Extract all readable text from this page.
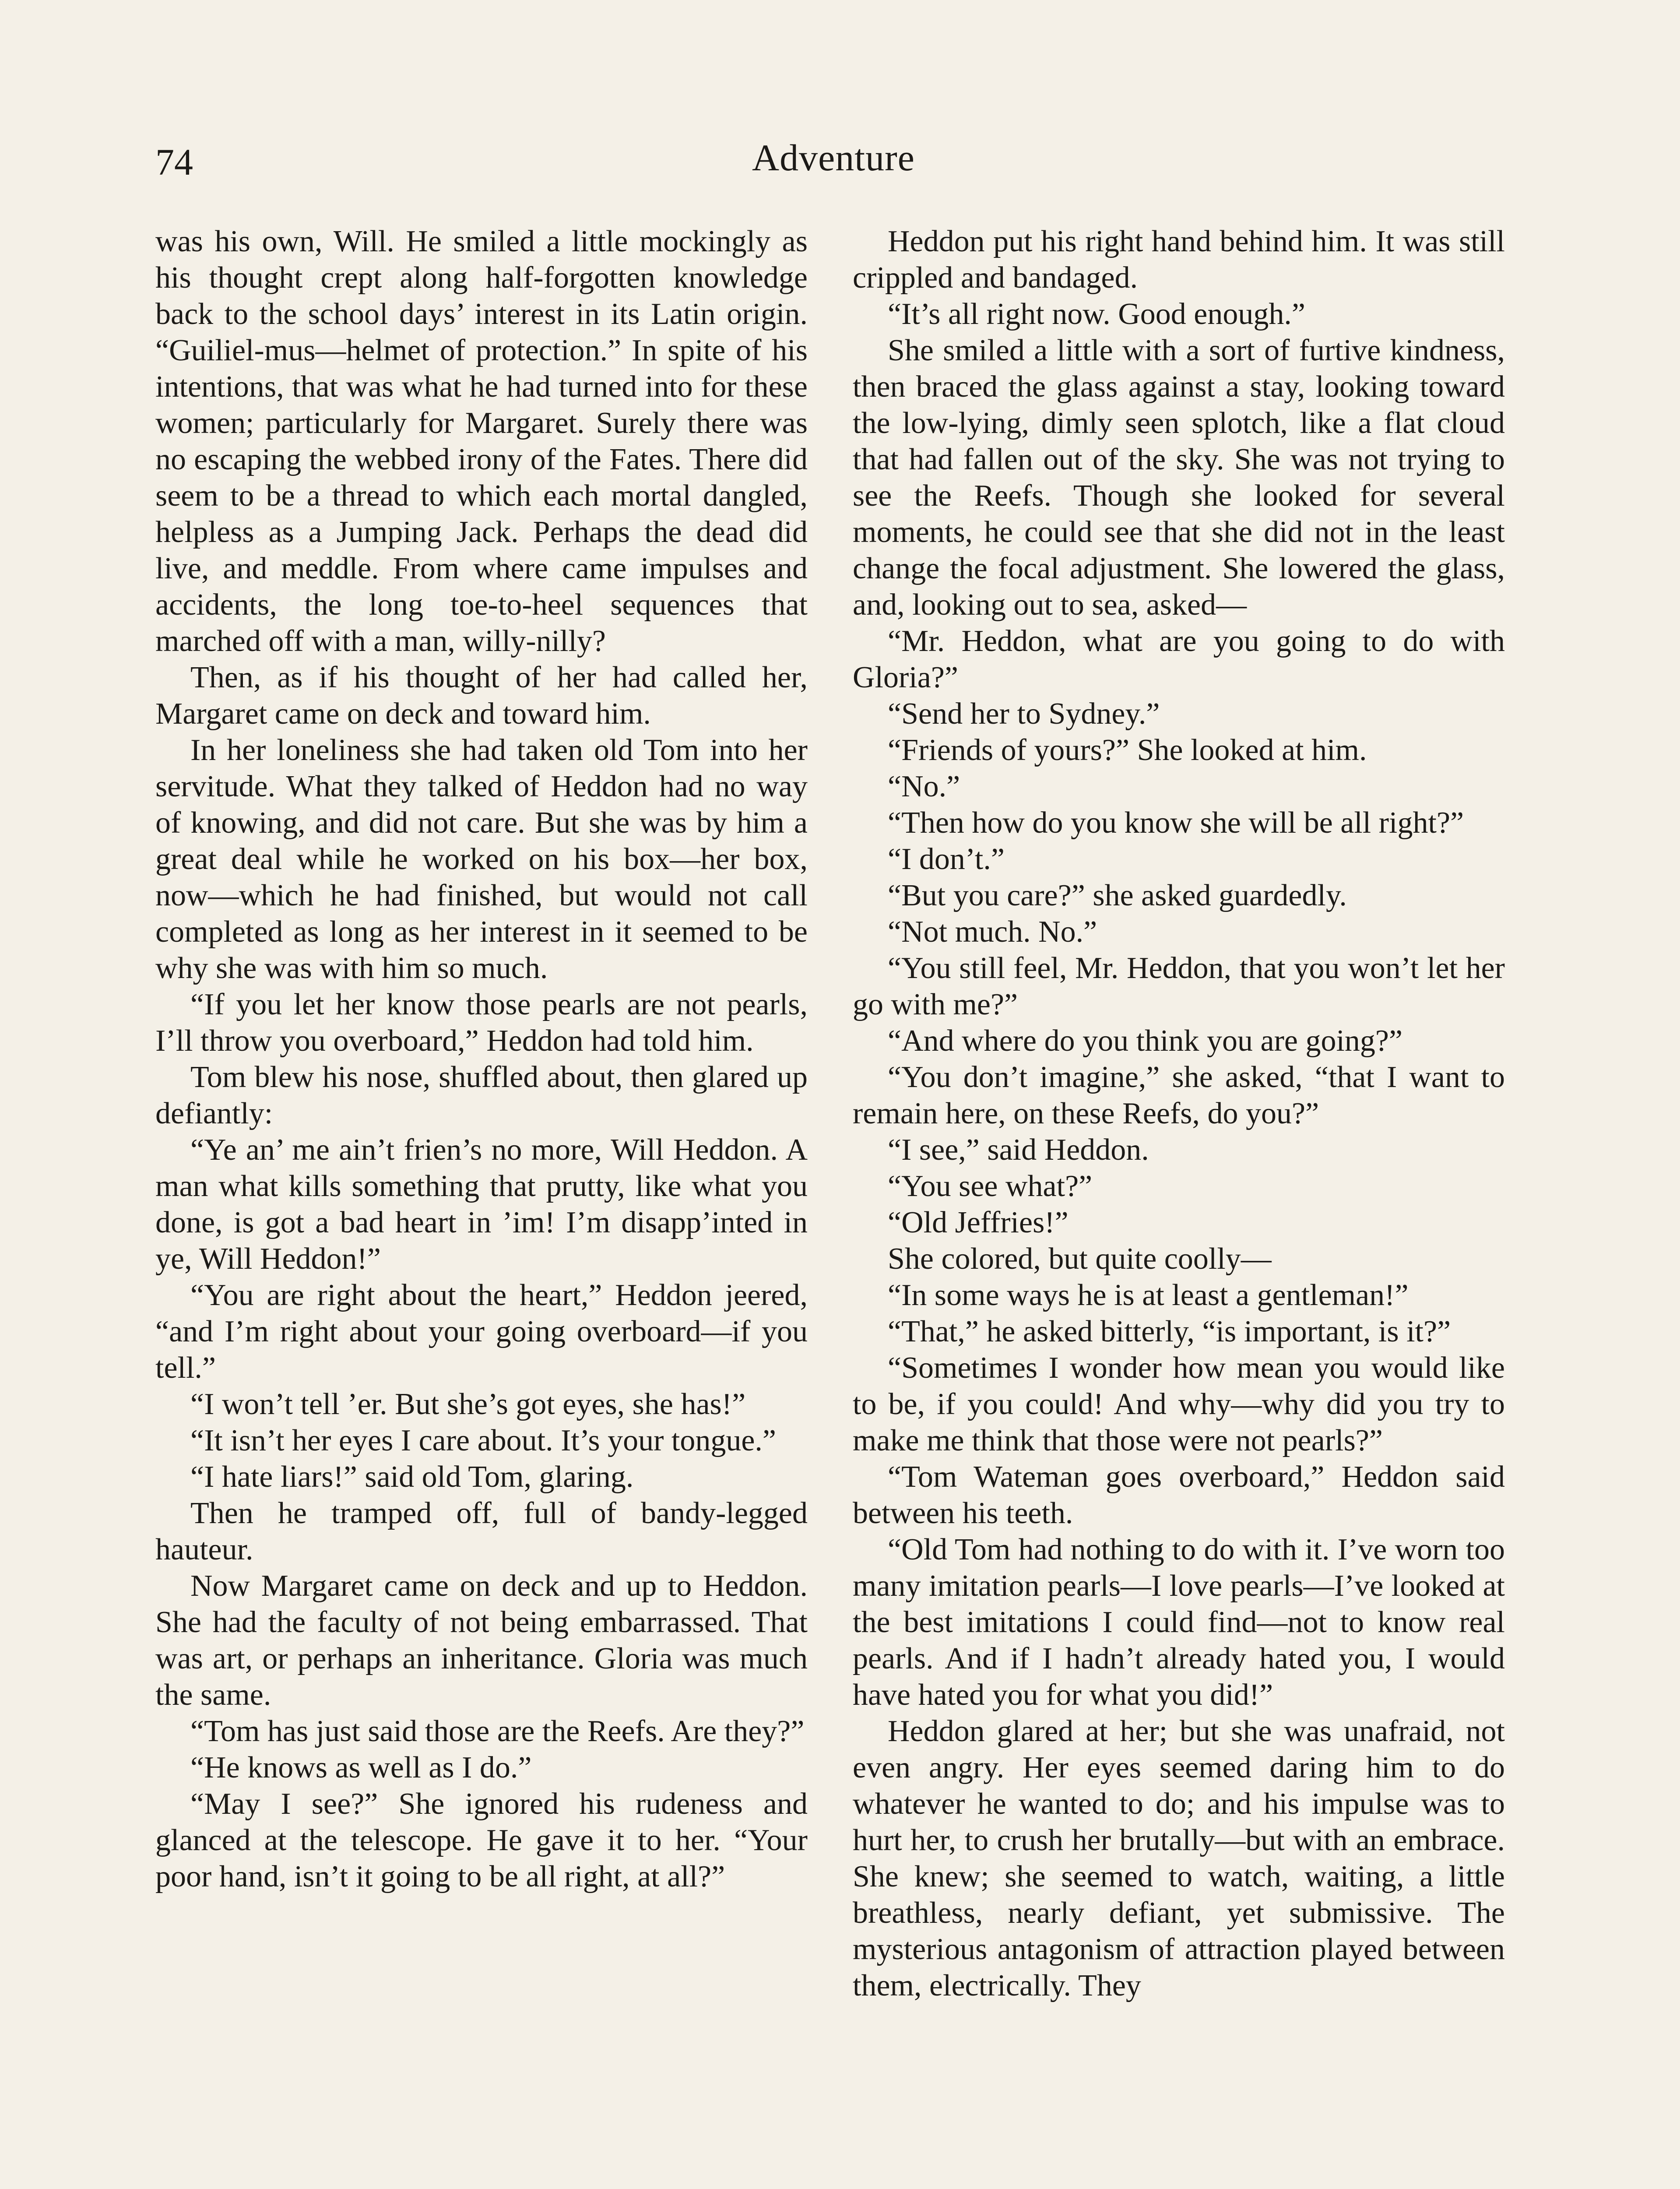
74	Adventure

was his own, Will. He smiled a little mockingly as his thought crept along half-forgotten knowledge back to the school days’ interest in its Latin origin. “Guiliel-mus—helmet of protection.” In spite of his intentions, that was what he had turned into for these women; particularly for Margaret. Surely there was no escaping the webbed irony of the Fates. There did seem to be a thread to which each mortal dangled, helpless as a Jumping Jack. Perhaps the dead did live, and meddle. From where came impulses and accidents, the long toe-to-heel sequences that marched off with a man, willy-nilly?

Then, as if his thought of her had called her, Margaret came on deck and toward him.

In her loneliness she had taken old Tom into her servitude. What they talked of Heddon had no way of knowing, and did not care. But she was by him a great deal while he worked on his box—her box, now—which he had finished, but would not call completed as long as her interest in it seemed to be why she was with him so much.

“If you let her know those pearls are not pearls, I’ll throw you overboard,” Heddon had told him.

Tom blew his nose, shuffled about, then glared up defiantly:

“Ye an’ me ain’t frien’s no more, Will Heddon. A man what kills something that prutty, like what you done, is got a bad heart in ’im! I’m disapp’inted in ye, Will Heddon!”

“You are right about the heart,” Heddon jeered, “and I’m right about your going overboard—if you tell.”

“I won’t tell ’er. But she’s got eyes, she has!”

“It isn’t her eyes I care about. It’s your tongue.”

“I hate liars!” said old Tom, glaring.

Then he tramped off, full of bandy-legged hauteur.

Now Margaret came on deck and up to Heddon. She had the faculty of not being embarrassed. That was art, or perhaps an inheritance. Gloria was much the same.

“Tom has just said those are the Reefs. Are they?”

“He knows as well as I do.”

“May I see?” She ignored his rudeness and glanced at the telescope. He gave it to her. “Your poor hand, isn’t it going to be all right, at all?”

Heddon put his right hand behind him. It was still crippled and bandaged.

“It’s all right now. Good enough.”

She smiled a little with a sort of furtive kindness, then braced the glass against a stay, looking toward the low-lying, dimly seen splotch, like a flat cloud that had fallen out of the sky. She was not trying to see the Reefs. Though she looked for several moments, he could see that she did not in the least change the focal adjustment. She lowered the glass, and, looking out to sea, asked—

“Mr. Heddon, what are you going to do with Gloria?”

“Send her to Sydney.”

“Friends of yours?” She looked at him.

“No.”

“Then how do you know she will be all right?”

“I don’t.”

“But you care?” she asked guardedly.

“Not much. No.”

“You still feel, Mr. Heddon, that you won’t let her go with me?”

“And where do you think you are going?”

“You don’t imagine,” she asked, “that I want to remain here, on these Reefs, do you?”

“I see,” said Heddon.

“You see what?”

“Old Jeffries!”

She colored, but quite coolly—

“In some ways he is at least a gentleman!”

“That,” he asked bitterly, “is important, is it?”

“Sometimes I wonder how mean you would like to be, if you could! And why—why did you try to make me think that those were not pearls?”

“Tom Wateman goes overboard,” Heddon said between his teeth.

“Old Tom had nothing to do with it. I’ve worn too many imitation pearls—I love pearls—I’ve looked at the best imitations I could find—not to know real pearls. And if I hadn’t already hated you, I would have hated you for what you did!”

Heddon glared at her; but she was unafraid, not even angry. Her eyes seemed daring him to do whatever he wanted to do; and his impulse was to hurt her, to crush her brutally—but with an embrace. She knew; she seemed to watch, waiting, a little breathless, nearly defiant, yet submissive. The mysterious antagonism of attraction played between them, electrically. They
